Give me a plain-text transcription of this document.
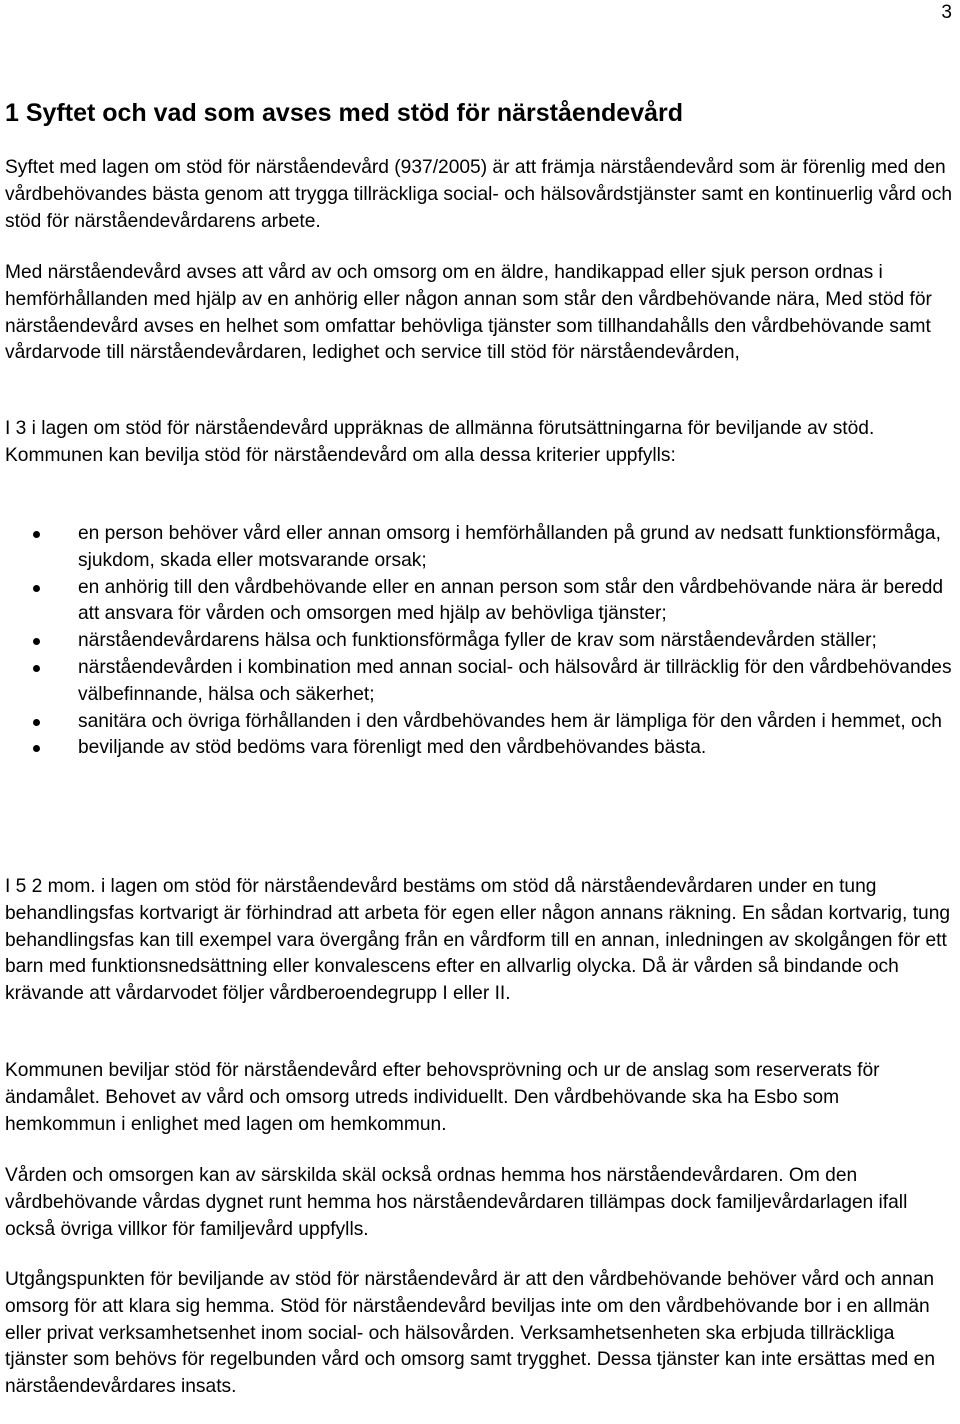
3
1 Syftet och vad som avses med stöd för närståendevård

Syftet med lagen om stöd för närståendevård (937/2005) är att främja närståendevård som är förenlig med den vårdbehövandes bästa genom att trygga tillräckliga social- och hälsovårdstjänster samt en kontinuerlig vård och stöd för närståendevårdarens arbete.

Med närståendevård avses att vård av och omsorg om en äldre, handikappad eller sjuk person ordnas i hemförhållanden med hjälp av en anhörig eller någon annan som står den vårdbehövande nära, Med stöd för närståendevård avses en helhet som omfattar behövliga tjänster som tillhandahålls den vårdbehövande samt vårdarvode till närståendevårdaren, ledighet och service till stöd för närståendevården,

I 3 i lagen om stöd för närståendevård uppräknas de allmänna förutsättningarna för beviljande av stöd. Kommunen kan bevilja stöd för närståendevård om alla dessa kriterier uppfylls:

en person behöver vård eller annan omsorg i hemförhållanden på grund av nedsatt funktionsförmåga, sjukdom, skada eller motsvarande orsak;
en anhörig till den vårdbehövande eller en annan person som står den vårdbehövande nära är beredd att ansvara för vården och omsorgen med hjälp av behövliga tjänster;
närståendevårdarens hälsa och funktionsförmåga fyller de krav som närståendevården ställer;
närståendevården i kombination med annan social- och hälsovård är tillräcklig för den vårdbehövandes välbefinnande, hälsa och säkerhet;
sanitära och övriga förhållanden i den vårdbehövandes hem är lämpliga för den vården i hemmet, och
beviljande av stöd bedöms vara förenligt med den vårdbehövandes bästa.

I 5 2 mom. i lagen om stöd för närståendevård bestäms om stöd då närståendevårdaren under en tung behandlingsfas kortvarigt är förhindrad att arbeta för egen eller någon annans räkning. En sådan kortvarig, tung behandlingsfas kan till exempel vara övergång från en vårdform till en annan, inledningen av skolgången för ett barn med funktionsnedsättning eller konvalescens efter en allvarlig olycka. Då är vården så bindande och krävande att vårdarvodet följer vårdberoendegrupp I eller II.

Kommunen beviljar stöd för närståendevård efter behovsprövning och ur de anslag som reserverats för ändamålet. Behovet av vård och omsorg utreds individuellt. Den vårdbehövande ska ha Esbo som hemkommun i enlighet med lagen om hemkommun.

Vården och omsorgen kan av särskilda skäl också ordnas hemma hos närståendevårdaren. Om den vårdbehövande vårdas dygnet runt hemma hos närståendevårdaren tillämpas dock familjevårdarlagen ifall också övriga villkor för familjevård uppfylls.

Utgångspunkten för beviljande av stöd för närståendevård är att den vårdbehövande behöver vård och annan omsorg för att klara sig hemma. Stöd för närståendevård beviljas inte om den vårdbehövande bor i en allmän eller privat verksamhetsenhet inom social- och hälsovården. Verksamhetsenheten ska erbjuda tillräckliga tjänster som behövs för regelbunden vård och omsorg samt trygghet. Dessa tjänster kan inte ersättas med en närståendevårdares insats.
